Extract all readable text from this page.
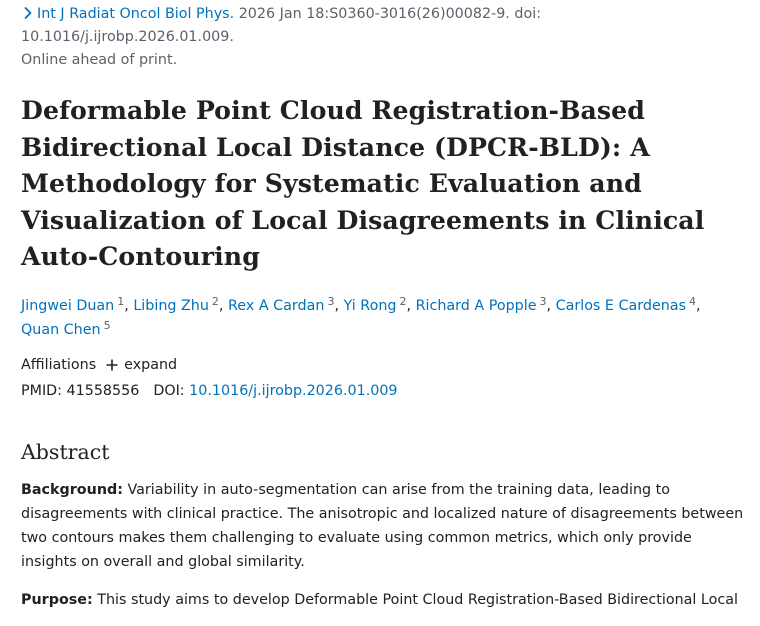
Int J Radiat Oncol Biol Phys. 2026 Jan 18:S0360-3016(26)00082-9. doi: 10.1016/j.ijrobp.2026.01.009.
Online ahead of print.
Deformable Point Cloud Registration-Based Bidirectional Local Distance (DPCR-BLD): A Methodology for Systematic Evaluation and Visualization of Local Disagreements in Clinical Auto-Contouring
Jingwei Duan $^1$, Libing Zhu $^2$, Rex A Cardan $^3$, Yi Rong $^2$, Richard A Popple $^3$, Carlos E Cardenas $^4$,
Quan Chen $^5$
Affiliations expand
PMID: 41558556 DOI: 10.1016/j.ijrobp.2026.01.009
Abstract

Background: Variability in auto-segmentation can arise from the training data, leading to disagreements with clinical practice. The anisotropic and localized nature of disagreements between two contours makes them challenging to evaluate using common metrics, which only provide insights on overall and global similarity.

Purpose: This study aims to develop Deformable Point Cloud Registration-Based Bidirectional Local
